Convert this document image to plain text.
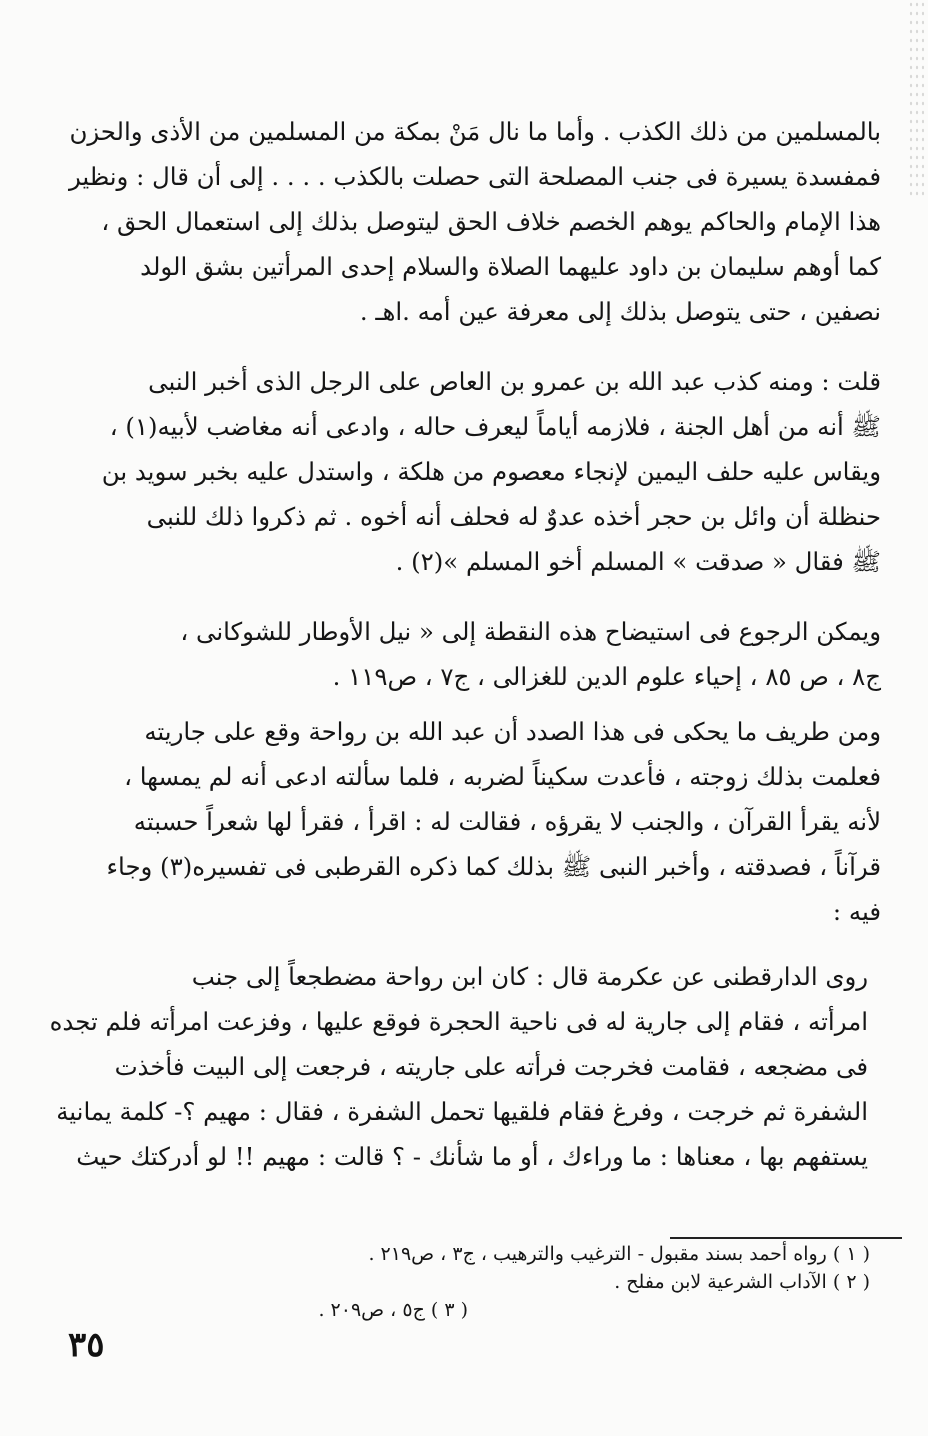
بالمسلمين من ذلك الكذب . وأما ما نال مَنْ بمكة من المسلمين من الأذى والحزن
فمفسدة يسيرة فى جنب المصلحة التى حصلت بالكذب . . . . إلى أن قال : ونظير
هذا الإمام والحاكم يوهم الخصم خلاف الحق ليتوصل بذلك إلى استعمال الحق ،
كما أوهم سليمان بن داود عليهما الصلاة والسلام إحدى المرأتين بشق الولد
نصفين ، حتى يتوصل بذلك إلى معرفة عين أمه .اهـ .
قلت : ومنه كذب عبد الله بن عمرو بن العاص على الرجل الذى أخبر النبى
ﷺ أنه من أهل الجنة ، فلازمه أياماً ليعرف حاله ، وادعى أنه مغاضب لأبيه(١) ،
ويقاس عليه حلف اليمين لإنجاء معصوم من هلكة ، واستدل عليه بخبر سويد بن
حنظلة أن وائل بن حجر أخذه عدوٌ له فحلف أنه أخوه . ثم ذكروا ذلك للنبى
ﷺ فقال « صدقت » المسلم أخو المسلم »(٢) .
ويمكن الرجوع فى استيضاح هذه النقطة إلى « نيل الأوطار للشوكانى ،
ج٨ ، ص ٨٥ ، إحياء علوم الدين للغزالى ، ج٧ ، ص١١٩ .
ومن طريف ما يحكى فى هذا الصدد أن عبد الله بن رواحة وقع على جاريته
فعلمت بذلك زوجته ، فأعدت سكيناً لضربه ، فلما سألته ادعى أنه لم يمسها ،
لأنه يقرأ القرآن ، والجنب لا يقرؤه ، فقالت له : اقرأ ، فقرأ لها شعراً حسبته
قرآناً ، فصدقته ، وأخبر النبى ﷺ بذلك كما ذكره القرطبى فى تفسيره(٣) وجاء
فيه :
روى الدارقطنى عن عكرمة قال : كان ابن رواحة مضطجعاً إلى جنب
امرأته ، فقام إلى جارية له فى ناحية الحجرة فوقع عليها ، وفزعت امرأته فلم تجده
فى مضجعه ، فقامت فخرجت فرأته على جاريته ، فرجعت إلى البيت فأخذت
الشفرة ثم خرجت ، وفرغ فقام فلقيها تحمل الشفرة ، فقال : مهيم ؟- كلمة يمانية
يستفهم بها ، معناها : ما وراءك ، أو ما شأنك - ؟ قالت : مهيم !! لو أدركتك حيث
( ١ ) رواه أحمد بسند مقبول - الترغيب والترهيب ، ج٣ ، ص٢١٩ .
( ٢ ) الآداب الشرعية لابن مفلح .
( ٣ ) ج٥ ، ص٢٠٩ .
٣٥
